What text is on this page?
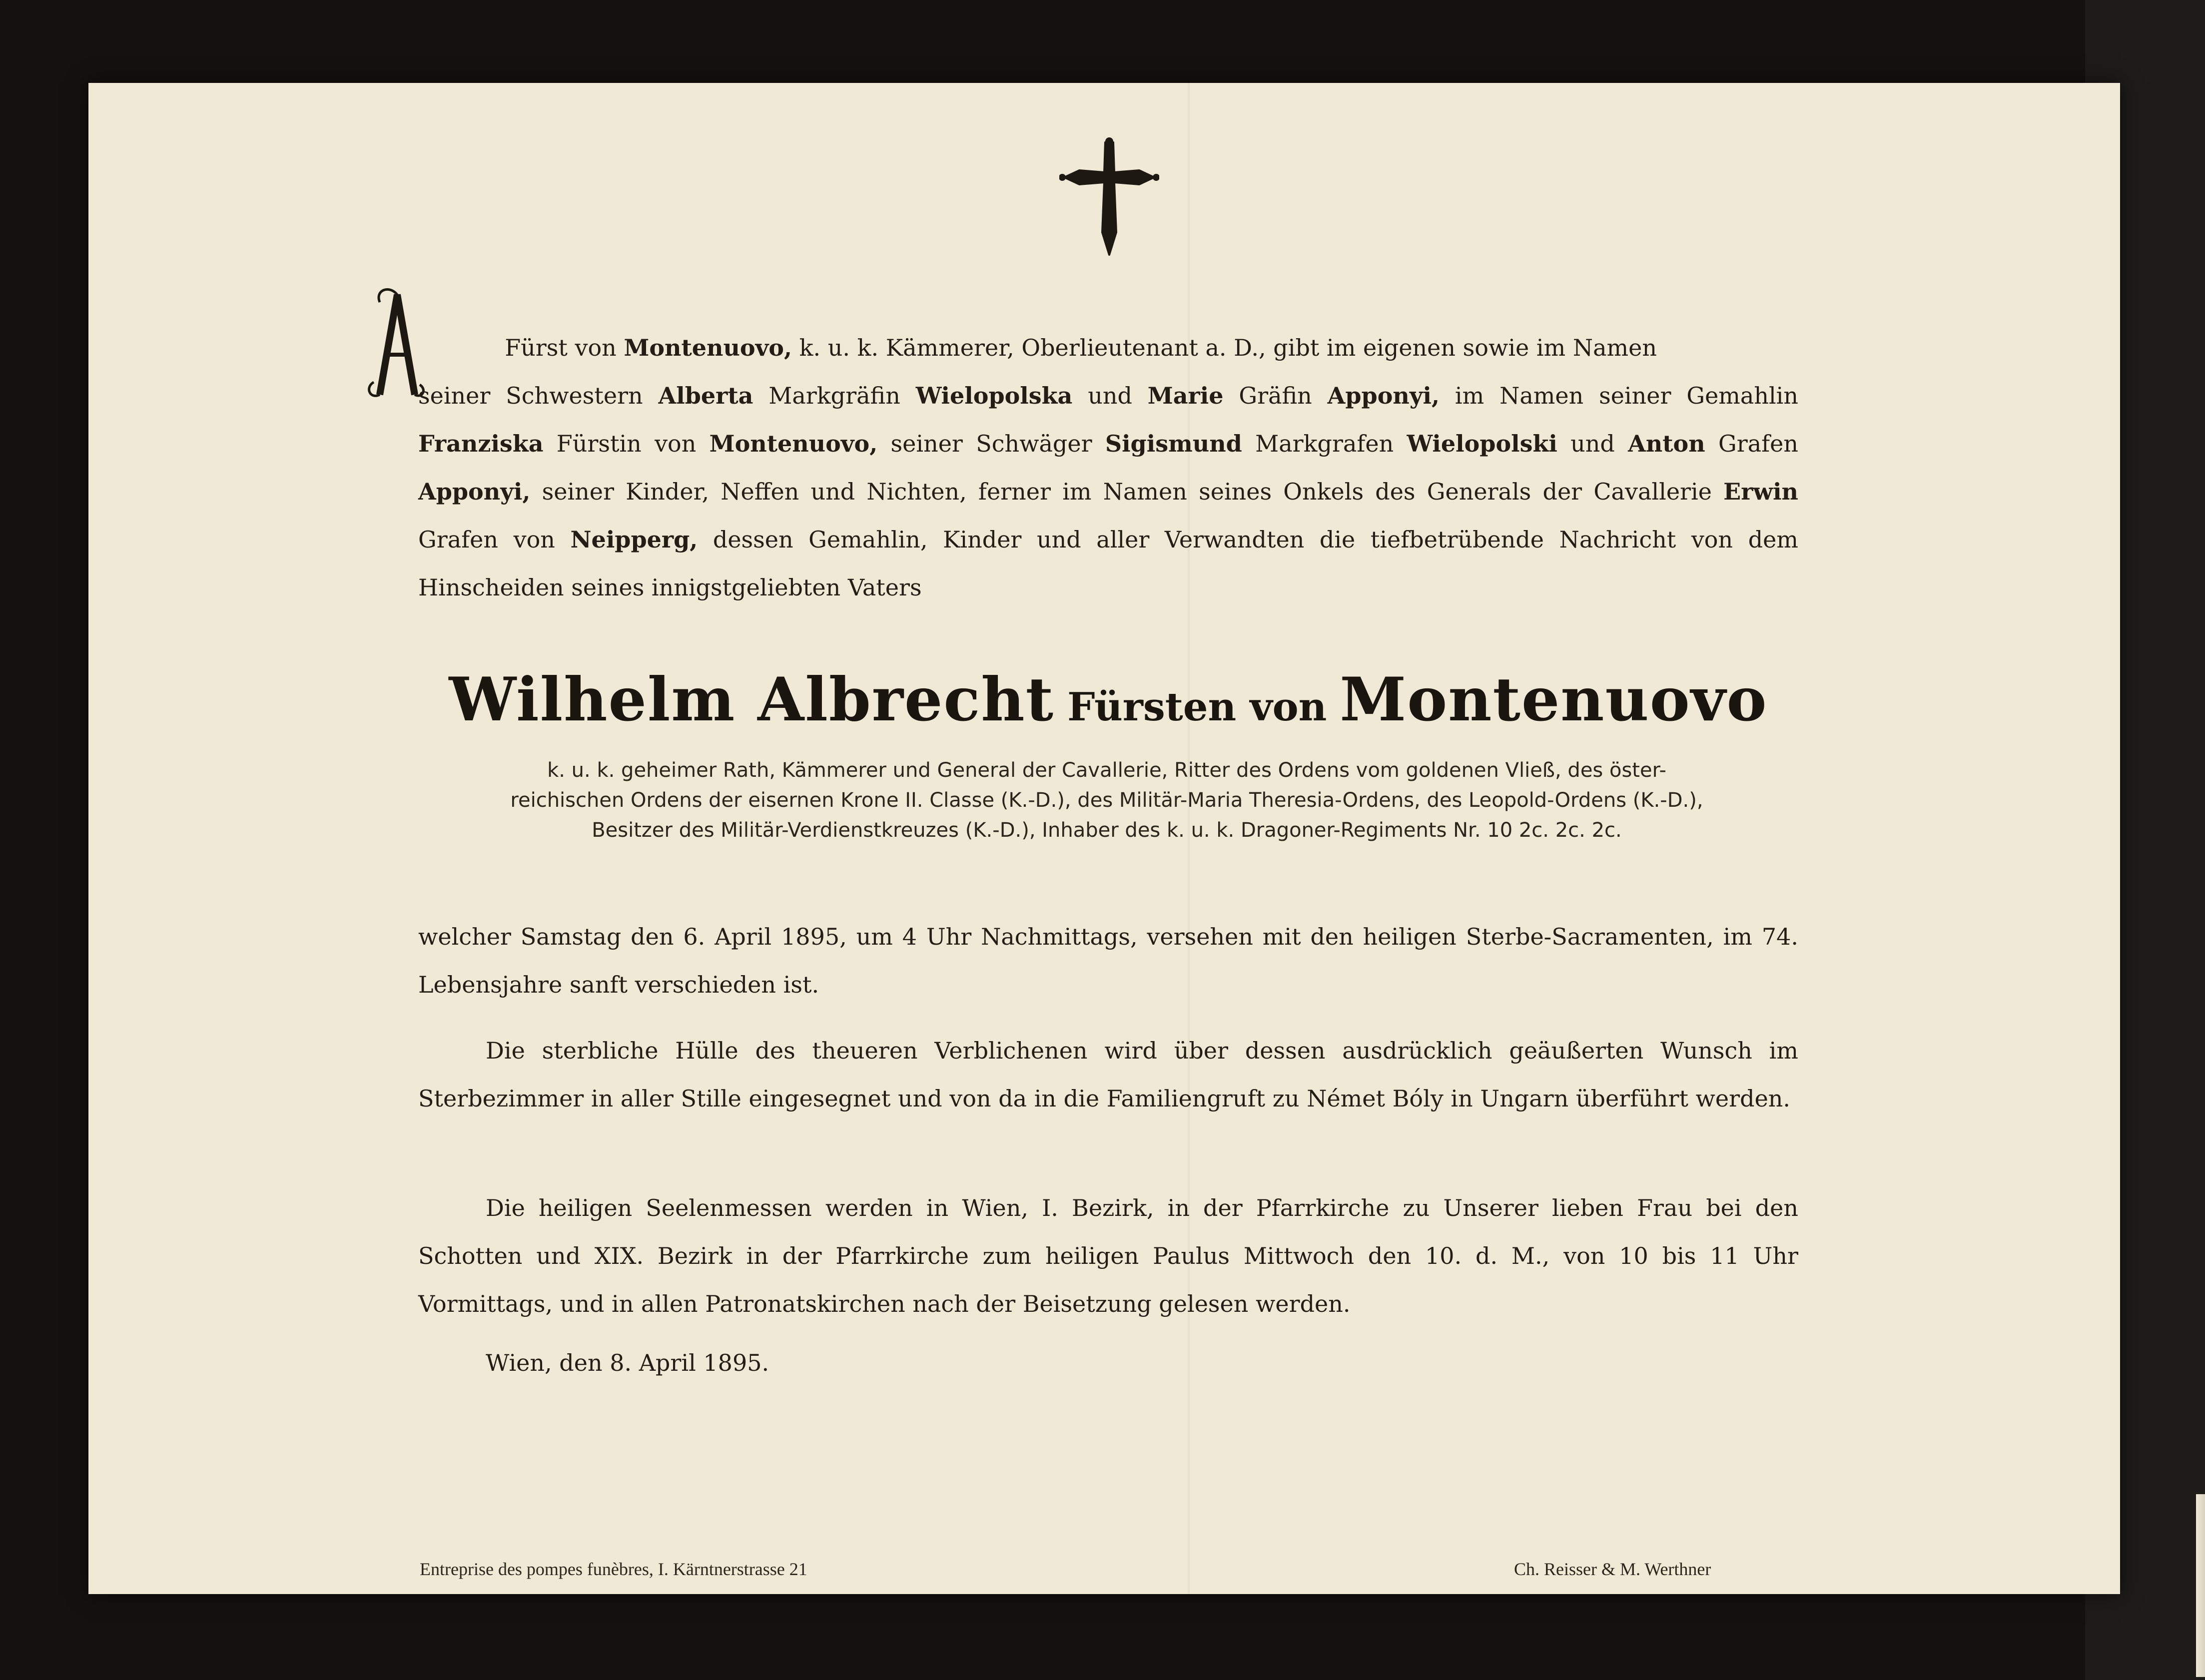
Fürst von Montenuovo, k. u. k. Kämmerer, Oberlieutenant a. D., gibt im eigenen sowie im Namen
seiner Schwestern Alberta Markgräfin Wielopolska und Marie Gräfin Apponyi, im Namen seiner Gemahlin Franziska Fürstin von Montenuovo, seiner Schwäger Sigismund Markgrafen Wielopolski und Anton Grafen Apponyi, seiner Kinder, Neffen und Nichten, ferner im Namen seines Onkels des Generals der Cavallerie Erwin Grafen von Neipperg, dessen Gemahlin, Kinder und aller Verwandten die tiefbetrübende Nachricht von dem Hinscheiden seines innigstgeliebten Vaters
Wilhelm Albrecht Fürsten von Montenuovo
k. u. k. geheimer Rath, Kämmerer und General der Cavallerie, Ritter des Ordens vom goldenen Vließ, des öster-
reichischen Ordens der eisernen Krone II. Classe (K.-D.), des Militär-Maria Theresia-Ordens, des Leopold-Ordens (K.-D.),
Besitzer des Militär-Verdienstkreuzes (K.-D.), Inhaber des k. u. k. Dragoner-Regiments Nr. 10 2c. 2c. 2c.
welcher Samstag den 6. April 1895, um 4 Uhr Nachmittags, versehen mit den heiligen Sterbe-Sacramenten, im 74. Lebensjahre sanft verschieden ist.
Die sterbliche Hülle des theueren Verblichenen wird über dessen ausdrücklich geäußerten Wunsch im Sterbezimmer in aller Stille eingesegnet und von da in die Familiengruft zu Német Bóly in Ungarn überführt werden.
Die heiligen Seelenmessen werden in Wien, I. Bezirk, in der Pfarrkirche zu Unserer lieben Frau bei den Schotten und XIX. Bezirk in der Pfarrkirche zum heiligen Paulus Mittwoch den 10. d. M., von 10 bis 11 Uhr Vormittags, und in allen Patronatskirchen nach der Beisetzung gelesen werden.
Wien, den 8. April 1895.
Entreprise des pompes funèbres, I. Kärntnerstrasse 21	Ch. Reisser & M. Werthner
